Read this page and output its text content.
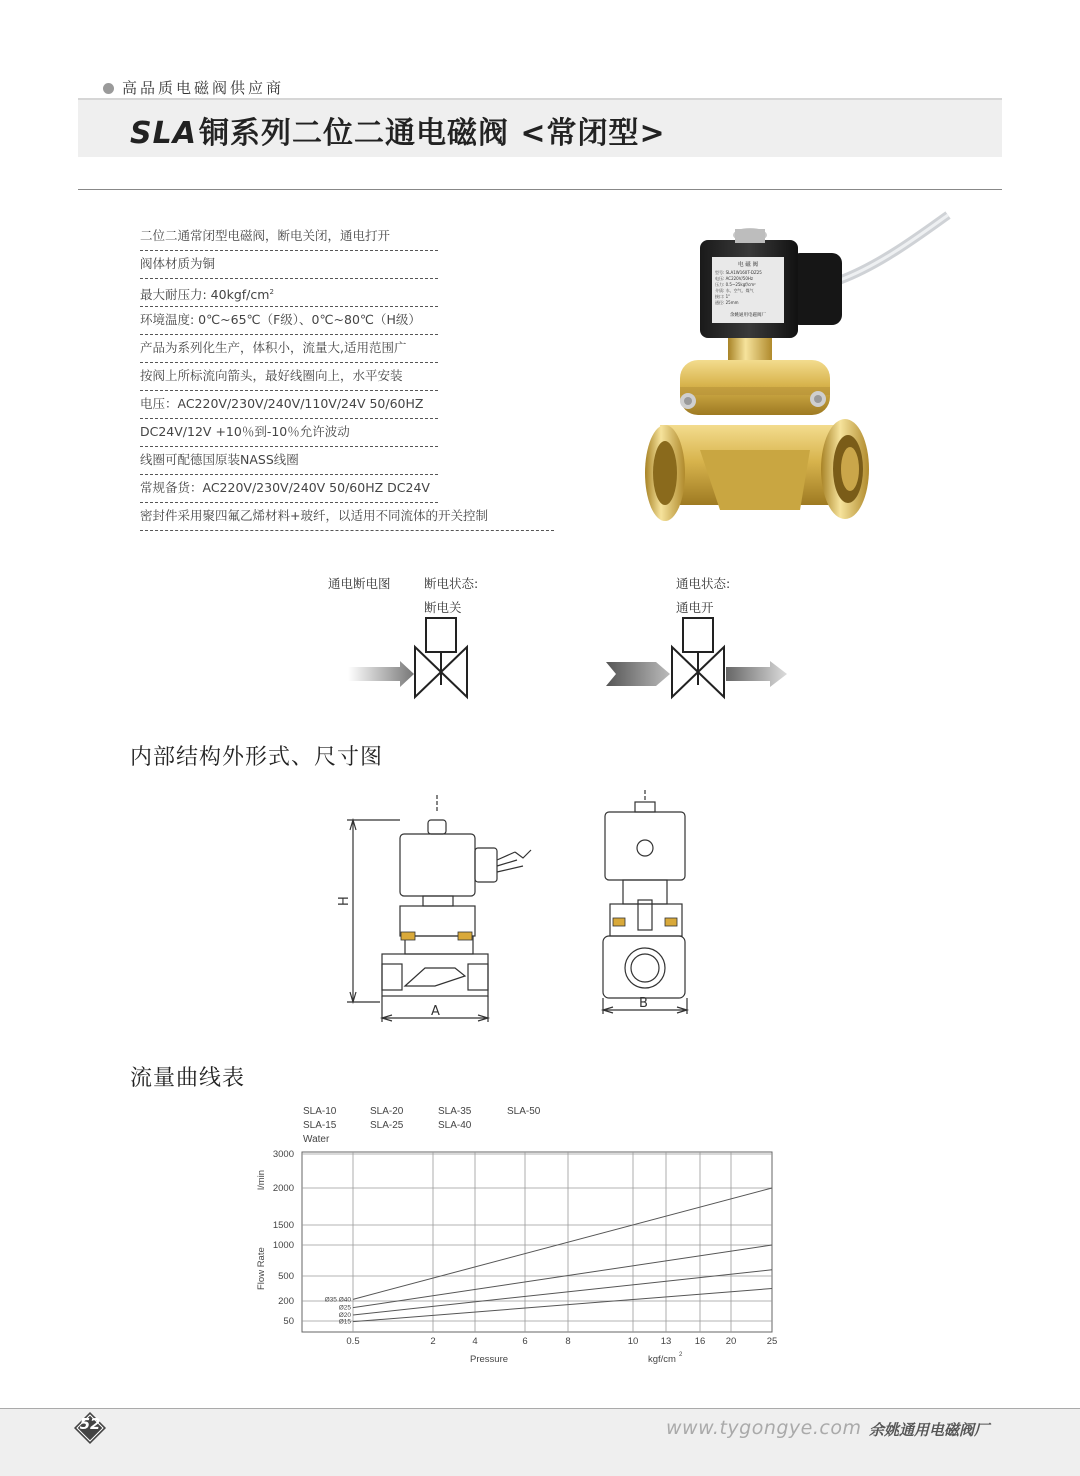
高品质电磁阀供应商
SLA铜系列二位二通电磁阀 <常闭型>
二位二通常闭型电磁阀，断电关闭，通电打开
阀体材质为铜
最大耐压力: $40kgf/cm^2$
环境温度: 0℃~65℃（F级）、0℃~80℃（H级）
产品为系列化生产，体积小，流量大,适用范围广
按阀上所标流向箭头，最好线圈向上，水平安装
电压：AC220V/230V/240V/110V/24V 50/60HZ
DC24V/12V +10％到-10％允许波动
线圈可配德国原装NASS线圈
常规备货：AC220V/230V/240V 50/60HZ DC24V
密封件采用聚四氟乙烯材料+玻纤，以适用不同流体的开关控制
电 磁 阀
型号: SLA1W160T-DZ25
电压: AC220V/50Hz
压力: 0.5~25kgf/cm²
介质: 水、空气、煤气
接口: 1"
通径: 25mm
余姚通用电磁阀厂
通电断电图	断电状态:
断电关
通电状态:
通电开
内部结构外形式、尺寸图
H
A
B
流量曲线表
SLA-10
SLA-15
Water
SLA-20
SLA-25
SLA-35
SLA-40
SLA-50
0.5	2	4	6	8	10 13 16 20	25
3000
2000
1500
1000
500
200
50
Ø35 Ø40
Ø25
Ø20
Ø15
l/min
Flow Rate
Pressure	kgf/cm 2
52	www.tygongye.com 余姚通用电磁阀厂
